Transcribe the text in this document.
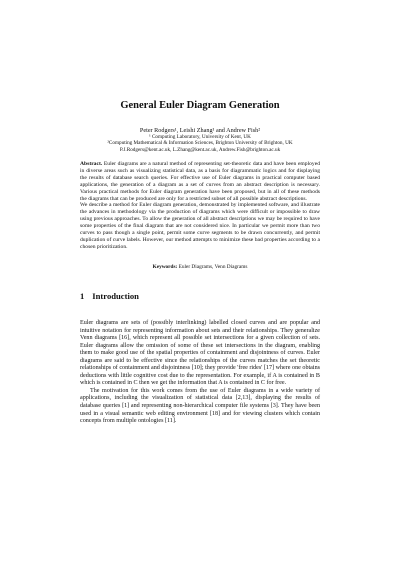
General Euler Diagram Generation
Peter Rodgers¹, Leishi Zhang¹ and Andrew Fish²
¹ Computing Laboratory, University of Kent, UK
²Computing Mathematical & Information Sciences, Brighton University of Brighton, UK
P.J.Rodgers@kent.ac.uk, L.Zhang@kent.ac.uk, Andrew.Fish@brighton.ac.uk

Abstract. Euler diagrams are a natural method of representing set-theoretic data and have been employed in diverse areas such as visualizing statistical data, as a basis for diagrammatic logics and for displaying the results of database search queries. For effective use of Euler diagrams in practical computer based applications, the generation of a diagram as a set of curves from an abstract description is necessary. Various practical methods for Euler diagram generation have been proposed, but in all of these methods the diagrams that can be produced are only for a restricted subset of all possible abstract descriptions.

We describe a method for Euler diagram generation, demonstrated by implemented software, and illustrate the advances in methodology via the production of diagrams which were difficult or impossible to draw using previous approaches. To allow the generation of all abstract descriptions we may be required to have some properties of the final diagram that are not considered nice. In particular we permit more than two curves to pass though a single point, permit some curve segments to be drawn concurrently, and permit duplication of curve labels. However, our method attempts to minimize these bad properties according to a chosen prioritization.

Keywords: Euler Diagrams, Venn Diagrams
1 Introduction

Euler diagrams are sets of (possibly interlinking) labelled closed curves and are popular and intuitive notation for representing information about sets and their relationships. They generalize Venn diagrams [16], which represent all possible set intersections for a given collection of sets. Euler diagrams allow the omission of some of these set intersections in the diagram, enabling them to make good use of the spatial properties of containment and disjointness of curves. Euler diagrams are said to be effective since the relationships of the curves matches the set theoretic relationships of containment and disjointness [10]; they provide 'free rides' [17] where one obtains deductions with little cognitive cost due to the representation. For example, if A is contained in B which is contained in C then we get the information that A is contained in C for free.

The motivation for this work comes from the use of Euler diagrams in a wide variety of applications, including the visualization of statistical data [2,13], displaying the results of database queries [1] and representing non-hierarchical computer file systems [3]. They have been used in a visual semantic web editing environment [18] and for viewing clusters which contain concepts from multiple ontologies [11].
